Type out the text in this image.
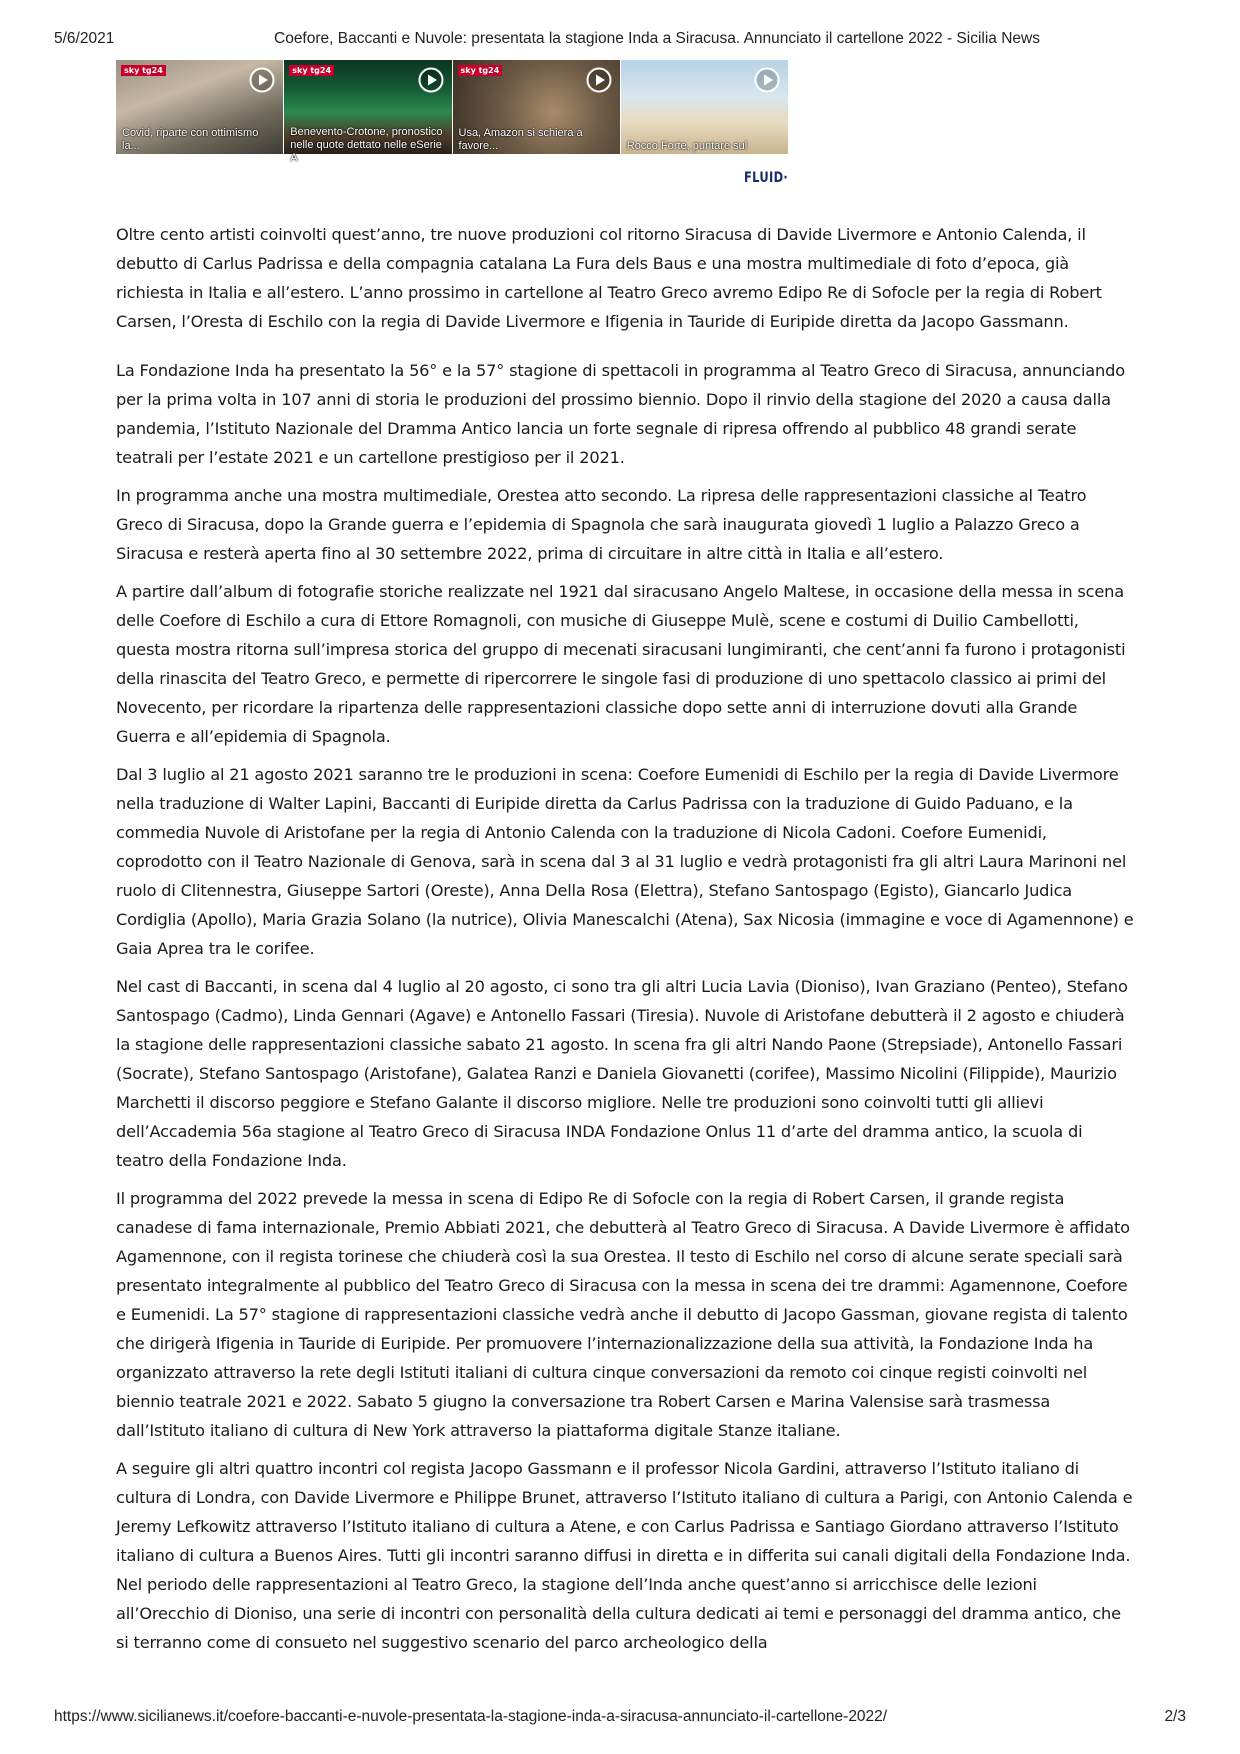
5/6/2021	Coefore, Baccanti e Nuvole: presentata la stagione Inda a Siracusa. Annunciato il cartellone 2022 - Sicilia News
sky tg24
Covid, riparte con ottimismo la...
sky tg24
Benevento-Crotone, pronostico nelle quote dettato nelle eSerie A
sky tg24
Usa, Amazon si schiera a favore...	Rocco Forte, puntare sul
FLUID·

Oltre cento artisti coinvolti quest’anno, tre nuove produzioni col ritorno Siracusa di Davide Livermore e Antonio Calenda, il debutto di Carlus Padrissa e della compagnia catalana La Fura dels Baus e una mostra multimediale di foto d’epoca, già richiesta in Italia e all’estero. L’anno prossimo in cartellone al Teatro Greco avremo Edipo Re di Sofocle per la regia di Robert Carsen, l’Oresta di Eschilo con la regia di Davide Livermore e Ifigenia in Tauride di Euripide diretta da Jacopo Gassmann.

La Fondazione Inda ha presentato la 56° e la 57° stagione di spettacoli in programma al Teatro Greco di Siracusa, annunciando per la prima volta in 107 anni di storia le produzioni del prossimo biennio. Dopo il rinvio della stagione del 2020 a causa dalla pandemia, l’Istituto Nazionale del Dramma Antico lancia un forte segnale di ripresa offrendo al pubblico 48 grandi serate teatrali per l’estate 2021 e un cartellone prestigioso per il 2021.

In programma anche una mostra multimediale, Orestea atto secondo. La ripresa delle rappresentazioni classiche al Teatro Greco di Siracusa, dopo la Grande guerra e l’epidemia di Spagnola che sarà inaugurata giovedì 1 luglio a Palazzo Greco a Siracusa e resterà aperta fino al 30 settembre 2022, prima di circuitare in altre città in Italia e all’estero.

A partire dall’album di fotografie storiche realizzate nel 1921 dal siracusano Angelo Maltese, in occasione della messa in scena delle Coefore di Eschilo a cura di Ettore Romagnoli, con musiche di Giuseppe Mulè, scene e costumi di Duilio Cambellotti, questa mostra ritorna sull’impresa storica del gruppo di mecenati siracusani lungimiranti, che cent’anni fa furono i protagonisti della rinascita del Teatro Greco, e permette di ripercorrere le singole fasi di produzione di uno spettacolo classico ai primi del Novecento, per ricordare la ripartenza delle rappresentazioni classiche dopo sette anni di interruzione dovuti alla Grande Guerra e all’epidemia di Spagnola.

Dal 3 luglio al 21 agosto 2021 saranno tre le produzioni in scena: Coefore Eumenidi di Eschilo per la regia di Davide Livermore nella traduzione di Walter Lapini, Baccanti di Euripide diretta da Carlus Padrissa con la traduzione di Guido Paduano, e la commedia Nuvole di Aristofane per la regia di Antonio Calenda con la traduzione di Nicola Cadoni. Coefore Eumenidi, coprodotto con il Teatro Nazionale di Genova, sarà in scena dal 3 al 31 luglio e vedrà protagonisti fra gli altri Laura Marinoni nel ruolo di Clitennestra, Giuseppe Sartori (Oreste), Anna Della Rosa (Elettra), Stefano Santospago (Egisto), Giancarlo Judica Cordiglia (Apollo), Maria Grazia Solano (la nutrice), Olivia Manescalchi (Atena), Sax Nicosia (immagine e voce di Agamennone) e Gaia Aprea tra le corifee.

Nel cast di Baccanti, in scena dal 4 luglio al 20 agosto, ci sono tra gli altri Lucia Lavia (Dioniso), Ivan Graziano (Penteo), Stefano Santospago (Cadmo), Linda Gennari (Agave) e Antonello Fassari (Tiresia). Nuvole di Aristofane debutterà il 2 agosto e chiuderà la stagione delle rappresentazioni classiche sabato 21 agosto. In scena fra gli altri Nando Paone (Strepsiade), Antonello Fassari (Socrate), Stefano Santospago (Aristofane), Galatea Ranzi e Daniela Giovanetti (corifee), Massimo Nicolini (Filippide), Maurizio Marchetti il discorso peggiore e Stefano Galante il discorso migliore. Nelle tre produzioni sono coinvolti tutti gli allievi dell’Accademia 56a stagione al Teatro Greco di Siracusa INDA Fondazione Onlus 11 d’arte del dramma antico, la scuola di teatro della Fondazione Inda.

Il programma del 2022 prevede la messa in scena di Edipo Re di Sofocle con la regia di Robert Carsen, il grande regista canadese di fama internazionale, Premio Abbiati 2021, che debutterà al Teatro Greco di Siracusa. A Davide Livermore è affidato Agamennone, con il regista torinese che chiuderà così la sua Orestea. Il testo di Eschilo nel corso di alcune serate speciali sarà presentato integralmente al pubblico del Teatro Greco di Siracusa con la messa in scena dei tre drammi: Agamennone, Coefore e Eumenidi. La 57° stagione di rappresentazioni classiche vedrà anche il debutto di Jacopo Gassman, giovane regista di talento che dirigerà Ifigenia in Tauride di Euripide. Per promuovere l’internazionalizzazione della sua attività, la Fondazione Inda ha organizzato attraverso la rete degli Istituti italiani di cultura cinque conversazioni da remoto coi cinque registi coinvolti nel biennio teatrale 2021 e 2022. Sabato 5 giugno la conversazione tra Robert Carsen e Marina Valensise sarà trasmessa dall’Istituto italiano di cultura di New York attraverso la piattaforma digitale Stanze italiane.

A seguire gli altri quattro incontri col regista Jacopo Gassmann e il professor Nicola Gardini, attraverso l’Istituto italiano di cultura di Londra, con Davide Livermore e Philippe Brunet, attraverso l’Istituto italiano di cultura a Parigi, con Antonio Calenda e Jeremy Lefkowitz attraverso l’Istituto italiano di cultura a Atene, e con Carlus Padrissa e Santiago Giordano attraverso l’Istituto italiano di cultura a Buenos Aires. Tutti gli incontri saranno diffusi in diretta e in differita sui canali digitali della Fondazione Inda. Nel periodo delle rappresentazioni al Teatro Greco, la stagione dell’Inda anche quest’anno si arricchisce delle lezioni all’Orecchio di Dioniso, una serie di incontri con personalità della cultura dedicati ai temi e personaggi del dramma antico, che si terranno come di consueto nel suggestivo scenario del parco archeologico della

https://www.sicilianews.it/coefore-baccanti-e-nuvole-presentata-la-stagione-inda-a-siracusa-annunciato-il-cartellone-2022/	2/3
